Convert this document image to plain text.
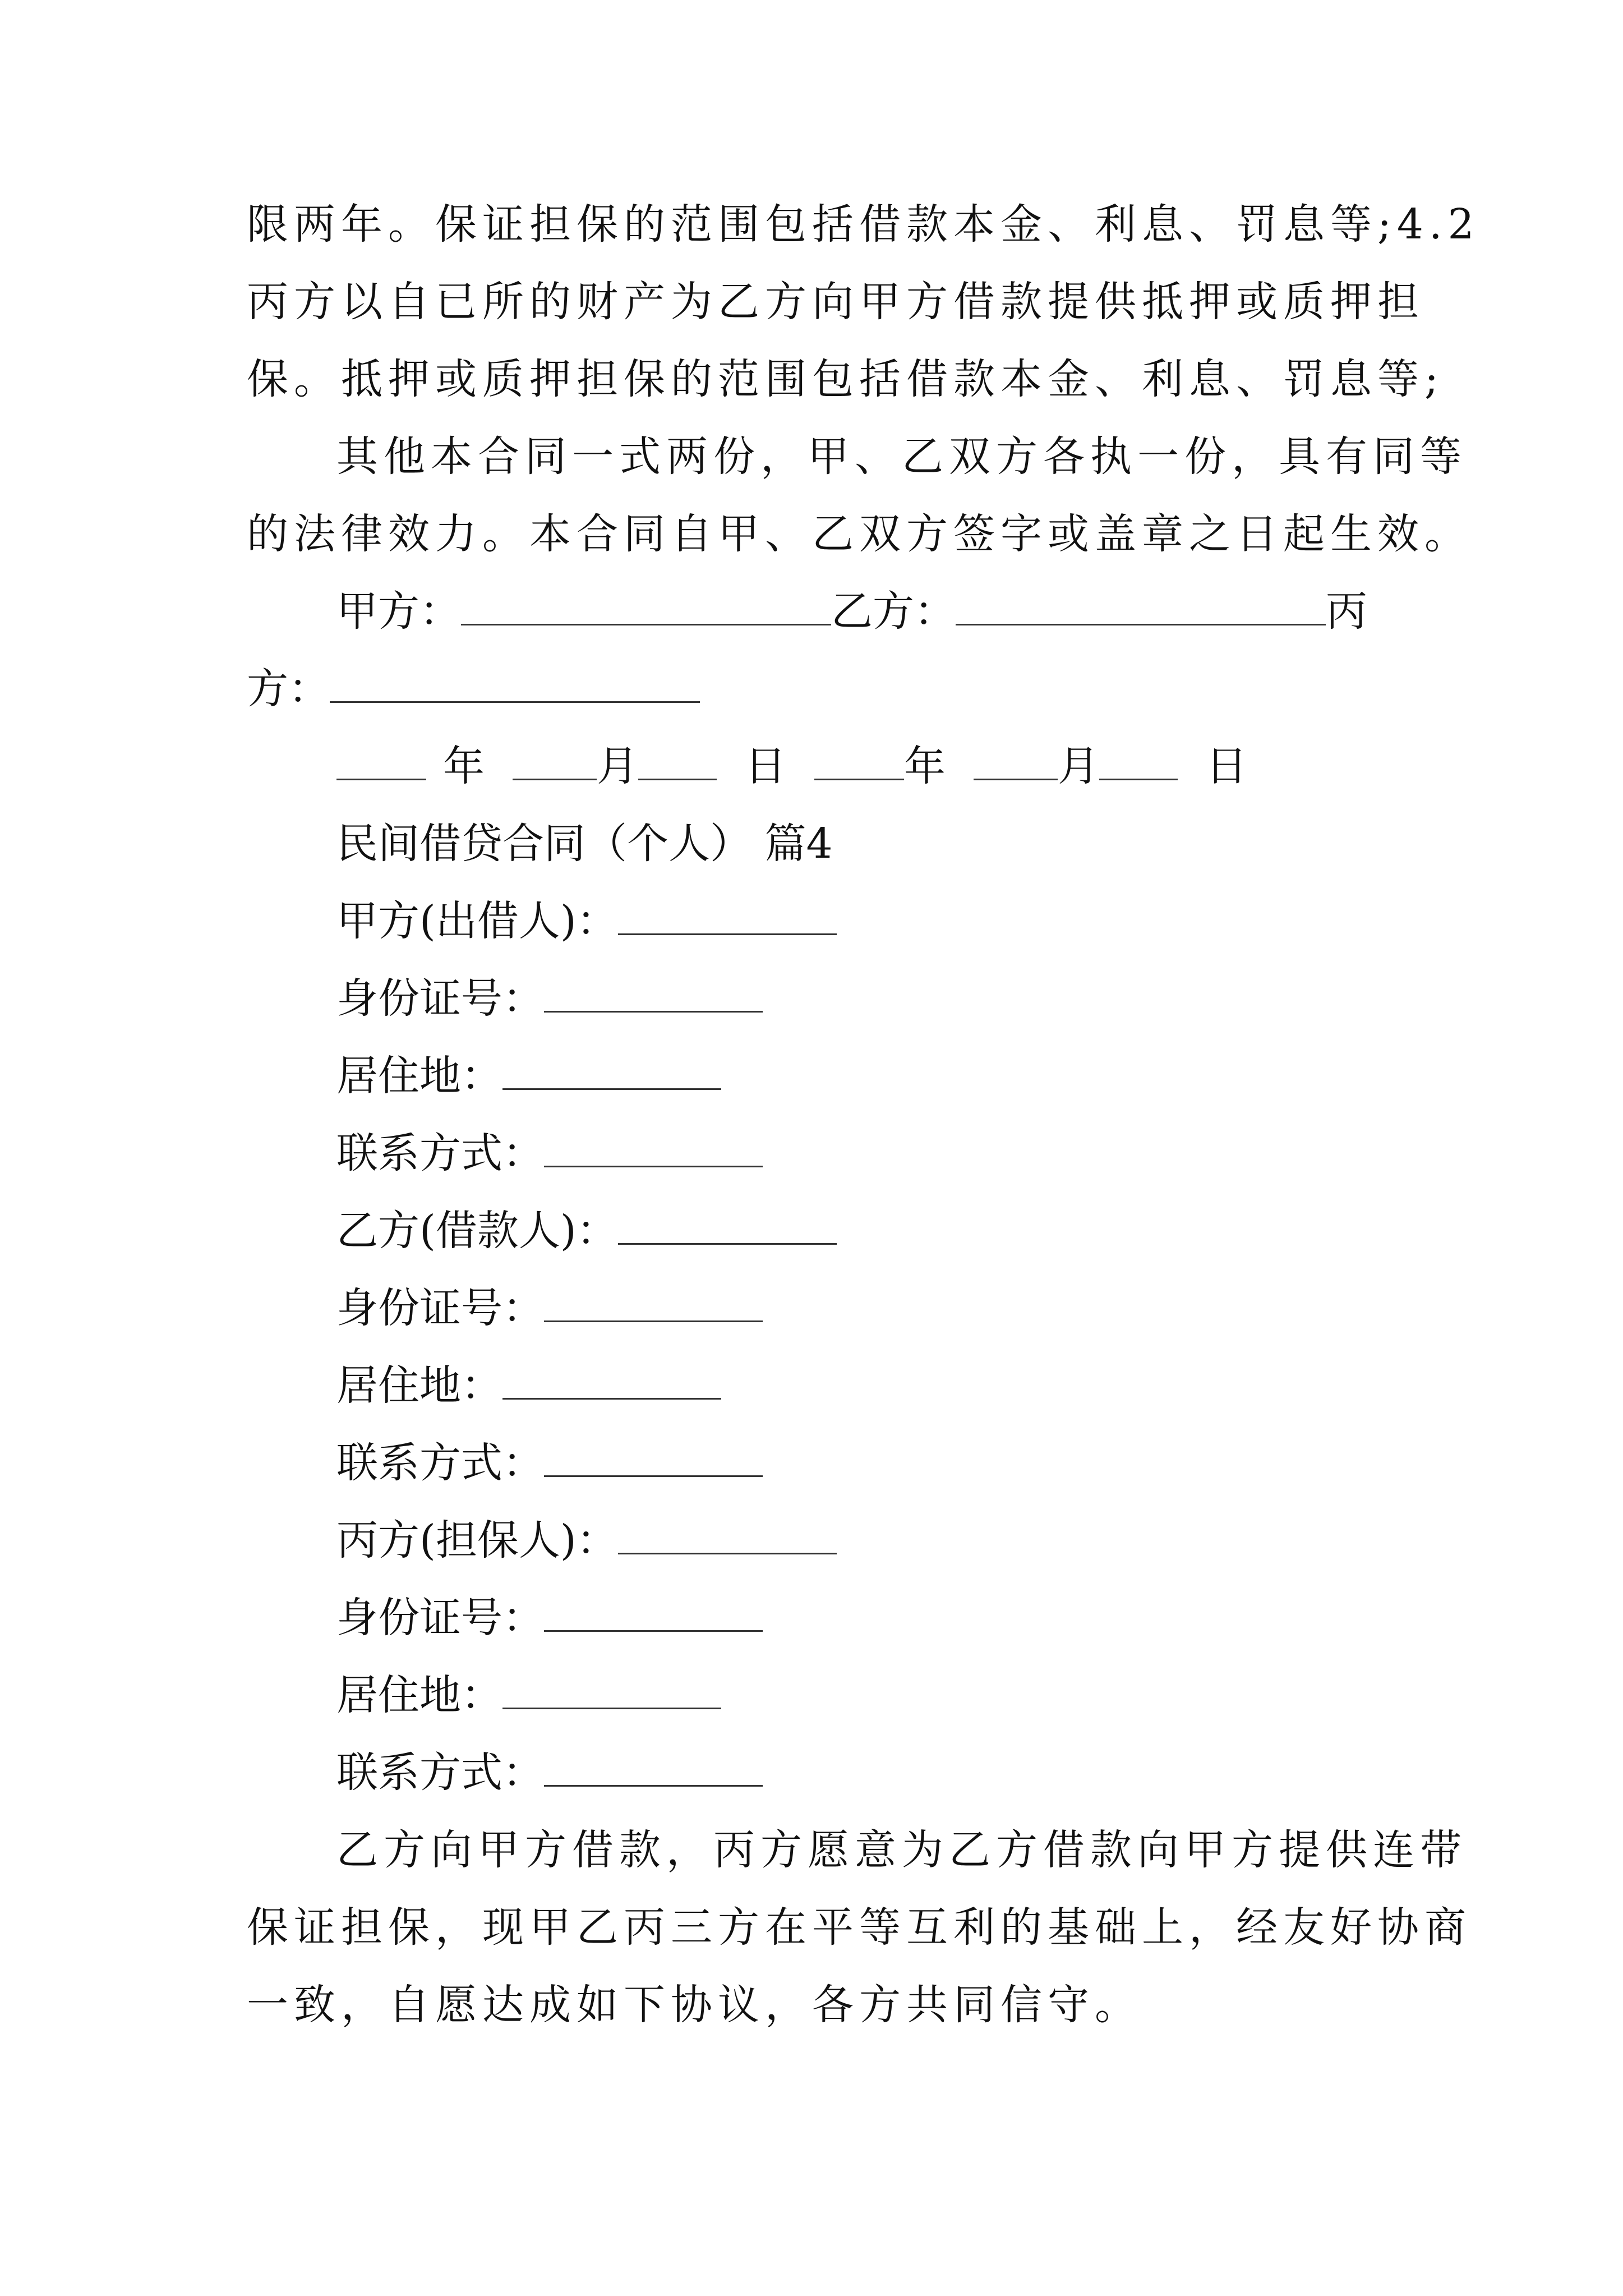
限两年。保证担保的范围包括借款本金、利息、罚息等;4.2
丙方以自已所的财产为乙方向甲方借款提供抵押或质押担
保。抵押或质押担保的范围包括借款本金、利息、罚息等;
其他本合同一式两份，甲、乙双方各执一份，具有同等
的法律效力。本合同自甲、乙双方签字或盖章之日起生效。
甲方：	乙方：	丙
方：
年	月	日	年	月	日
民间借贷合同（个人） 篇4
甲方(出借人)：
身份证号：
居住地：
联系方式：
乙方(借款人)：
身份证号：
居住地：
联系方式：
丙方(担保人)：
身份证号：
居住地：
联系方式：
乙方向甲方借款，丙方愿意为乙方借款向甲方提供连带
保证担保，现甲乙丙三方在平等互利的基础上，经友好协商
一致，自愿达成如下协议，各方共同信守。
